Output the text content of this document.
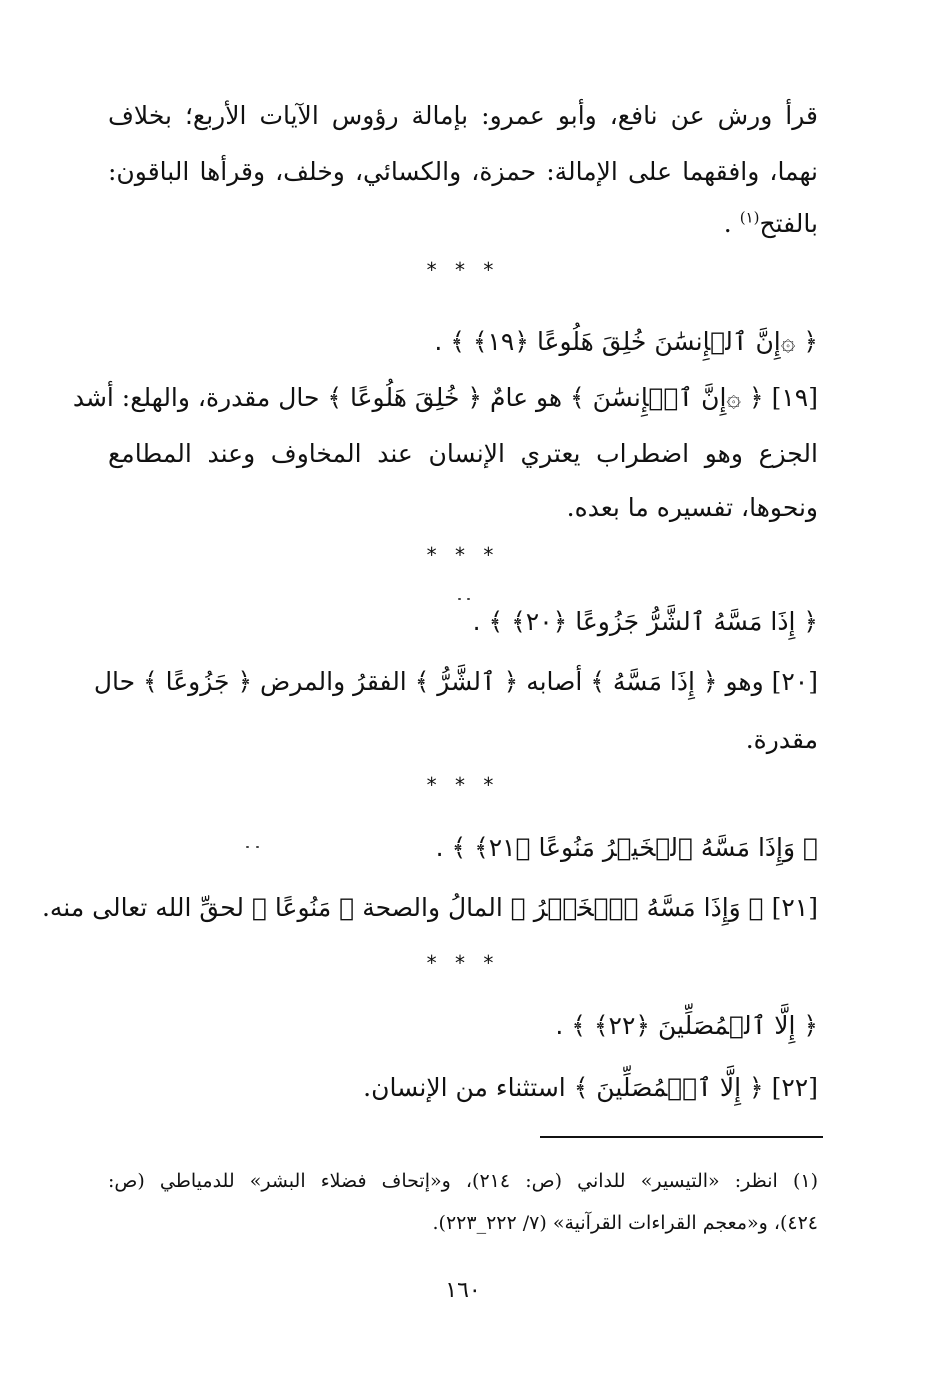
قرأ ورش عن نافع، وأبو عمرو: بإمالة رؤوس الآيات الأربع؛ بخلاف
نهما، وافقهما على الإمالة: حمزة، والكسائي، وخلف، وقرأها الباقون:
بالفتح$^{(١)}$ .
* * *
﴿ ۞إِنَّ ٱلۡإِنسَٰنَ خُلِقَ هَلُوعًا ﴿١٩﴾ ﴾ .
[١٩] ﴿ ۞إِنَّ ٱلۡإِنسَٰنَ ﴾ هو عامٌ ﴿ خُلِقَ هَلُوعًا ﴾ حال مقدرة، والهلع: أشد
الجزع وهو اضطراب يعتري الإنسان عند المخاوف وعند المطامع
ونحوها، تفسيره ما بعده.
* * *
﴿ إِذَا مَسَّهُ ٱلشَّرُّ جَزُوعًا ﴿٢٠﴾ ﴾ .
[٢٠] وهو ﴿ إِذَا مَسَّهُ ﴾ أصابه ﴿ ٱلشَّرُّ ﴾ الفقرُ والمرض ﴿ جَزُوعًا ﴾ حال
مقدرة.
* * *
﴿ وَإِذَا مَسَّهُ ٱلۡخَيۡرُ مَنُوعًا ﴿٢١﴾ ﴾ .
[٢١] ﴿ وَإِذَا مَسَّهُ ٱلۡخَيۡرُ ﴾ المالُ والصحة ﴿ مَنُوعًا ﴾ لحقِّ الله تعالى منه.
* * *
﴿ إِلَّا ٱلۡمُصَلِّينَ ﴿٢٢﴾ ﴾ .
[٢٢] ﴿ إِلَّا ٱلۡمُصَلِّينَ ﴾ استثناء من الإنسان.
(١) انظر: «التيسير» للداني (ص: ٢١٤)، و«إتحاف فضلاء البشر» للدمياطي (ص:
٤٢٤)، و«معجم القراءات القرآنية» (٧/ ٢٢٢_٢٢٣).
١٦٠
